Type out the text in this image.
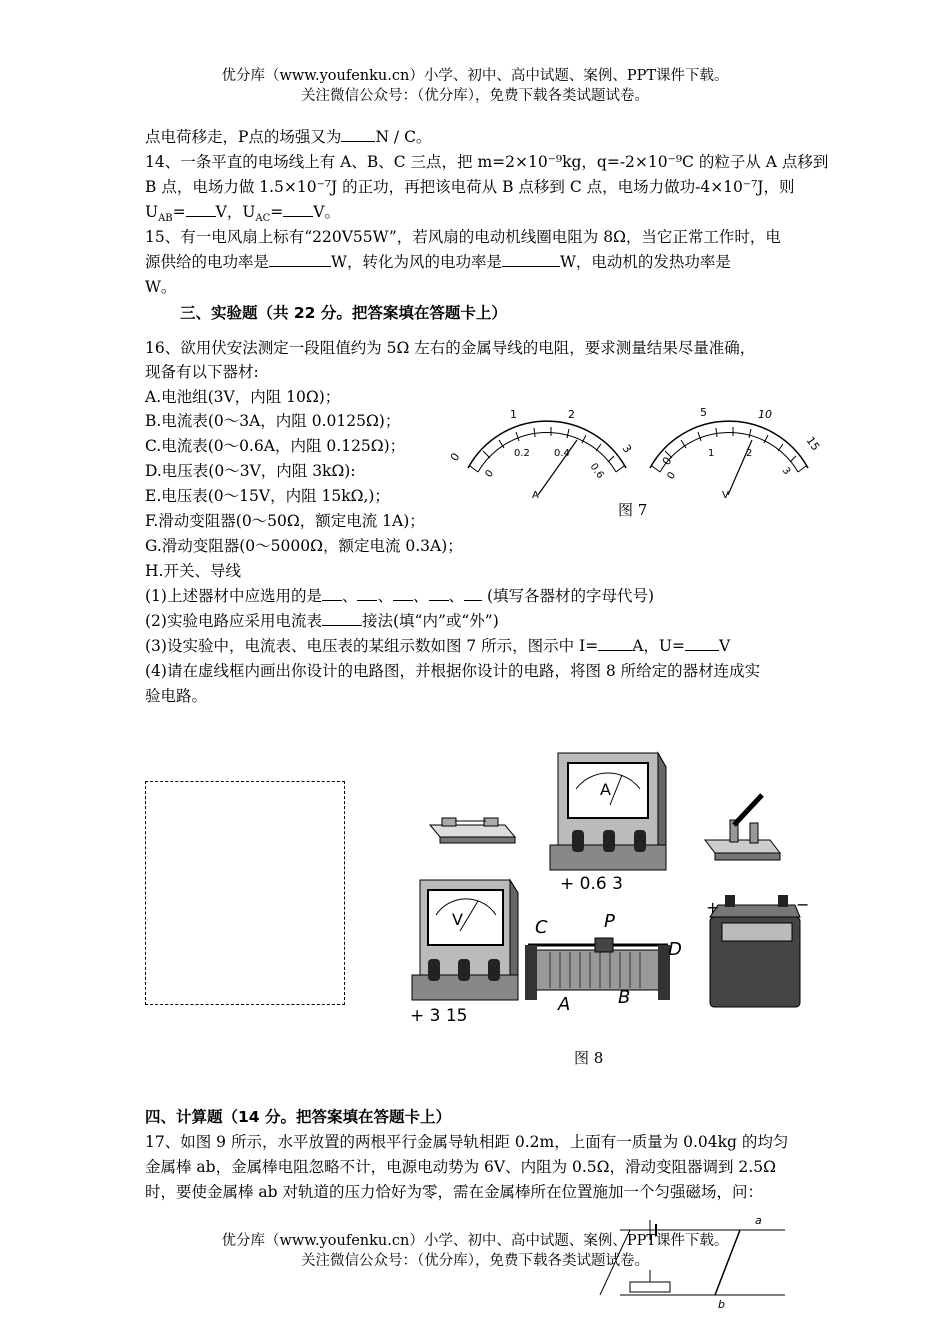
优分库（www.youfenku.cn）小学、初中、高中试题、案例、PPT课件下载。
关注微信公众号：（优分库），免费下载各类试题试卷。
点电荷移走，P点的场强又为 N / C。
14、一条平直的电场线上有 A、B、C 三点，把 m=2×10⁻⁹kg，q=-2×10⁻⁹C 的粒子从 A 点移到
B 点，电场力做 1.5×10⁻⁷J 的正功，再把该电荷从 B 点移到 C 点，电场力做功-4×10⁻⁷J，则
$U_{AB}= V$，$U_{AC}= V$。
15、有一电风扇上标有“220V55W”，若风扇的电动机线圈电阻为 8Ω，当它正常工作时，电
源供给的电功率是	W，转化为风的电功率是	W，电动机的发热功率是
W。
三、实验题（共 22 分。把答案填在答题卡上）
16、欲用伏安法测定一段阻值约为 5Ω 左右的金属导线的电阻，要求测量结果尽量准确，
现备有以下器材:
A.电池组(3V，内阻 10Ω)；
B.电流表(0～3A，内阻 0.0125Ω)；
C.电流表(0～0.6A，内阻 0.125Ω)；
D.电压表(0～3V，内阻 3kΩ):
E.电压表(0～15V，内阻 15kΩ,)；
F.滑动变阻器(0～50Ω，额定电流 1A)；
G.滑动变阻器(0～5000Ω，额定电流 0.3A)；
H.开关、导线
(1)上述器材中应选用的是 、 、 、 、 (填写各器材的字母代号)
(2)实验电路应采用电流表	接法(填“内”或“外”)
(3)设实验中，电流表、电压表的某组示数如图 7 所示，图示中 I= A，U= V
(4)请在虚线框内画出你设计的电路图，并根据你设计的电路，将图 8 所给定的器材连成实
验电路。
0
1	2
3
0
0.2 0.4
0.6
A
0
5	10
15
0
1	2
3
V
图 7
A
+ 0.6 3
V
+ 3 15
C	P
D
A	B
+	−
图 8
四、计算题（14 分。把答案填在答题卡上）
17、如图 9 所示，水平放置的两根平行金属导轨相距 0.2m，上面有一质量为 0.04kg 的均匀
金属棒 ab，金属棒电阻忽略不计，电源电动势为 6V、内阻为 0.5Ω，滑动变阻器调到 2.5Ω
时，要使金属棒 ab 对轨道的压力恰好为零，需在金属棒所在位置施加一个匀强磁场，问：
a
b
优分库（www.youfenku.cn）小学、初中、高中试题、案例、PPT课件下载。
关注微信公众号：（优分库），免费下载各类试题试卷。
